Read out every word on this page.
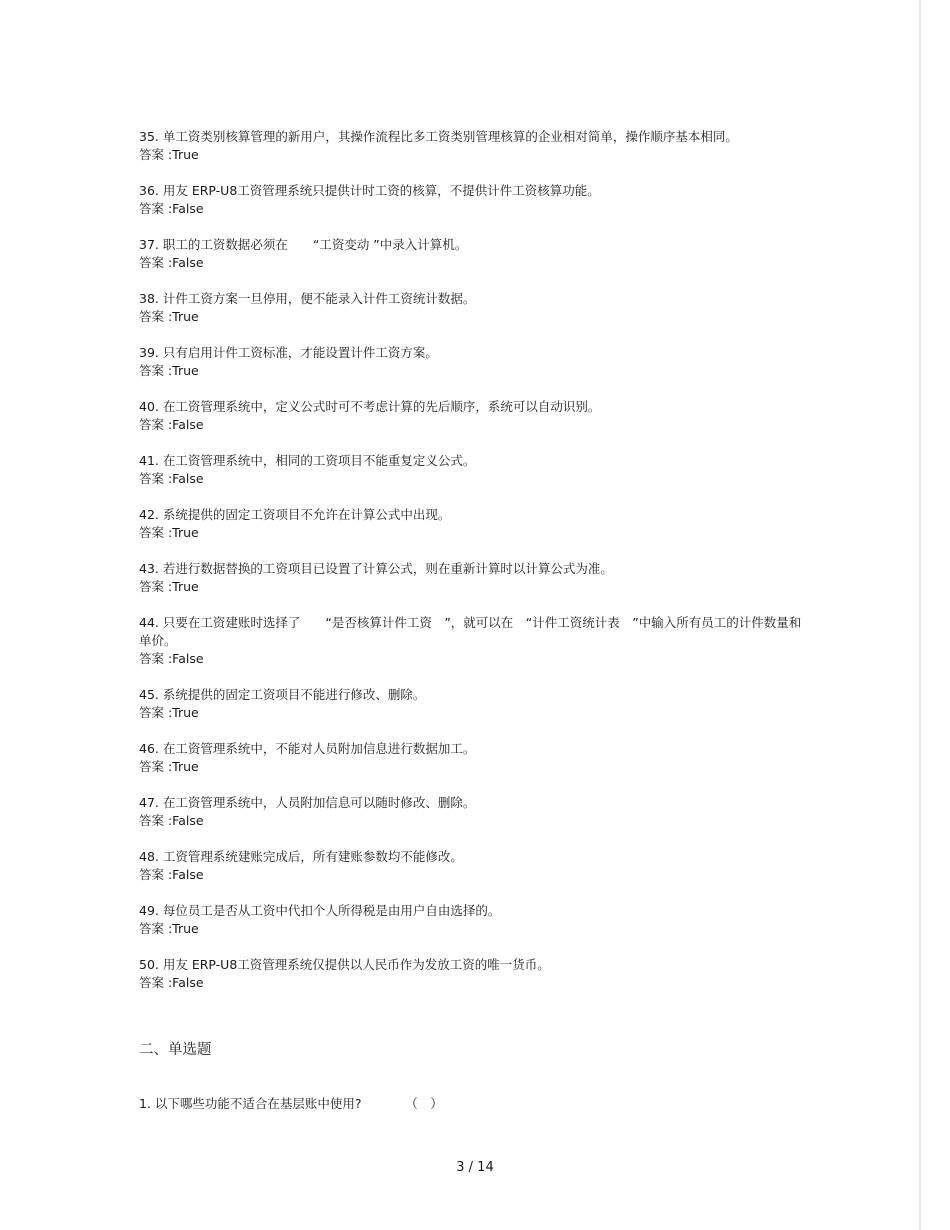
35. 单工资类别核算管理的新用户，其操作流程比多工资类别管理核算的企业相对简单，操作顺序基本相同。
答案 :True
36. 用友 ERP-U8工资管理系统只提供计时工资的核算，不提供计件工资核算功能。
答案 :False
37. 职工的工资数据必须在　　“工资变动 ”中录入计算机。
答案 :False
38. 计件工资方案一旦停用，便不能录入计件工资统计数据。
答案 :True
39. 只有启用计件工资标准，才能设置计件工资方案。
答案 :True
40. 在工资管理系统中，定义公式时可不考虑计算的先后顺序，系统可以自动识别。
答案 :False
41. 在工资管理系统中，相同的工资项目不能重复定义公式。
答案 :False
42. 系统提供的固定工资项目不允许在计算公式中出现。
答案 :True
43. 若进行数据替换的工资项目已设置了计算公式，则在重新计算时以计算公式为准。
答案 :True
44. 只要在工资建账时选择了　　“是否核算计件工资　”，就可以在　“计件工资统计表　”中输入所有员工的计件数量和单价。
答案 :False
45. 系统提供的固定工资项目不能进行修改、删除。
答案 :True
46. 在工资管理系统中，不能对人员附加信息进行数据加工。
答案 :True
47. 在工资管理系统中，人员附加信息可以随时修改、删除。
答案 :False
48. 工资管理系统建账完成后，所有建账参数均不能修改。
答案 :False
49. 每位员工是否从工资中代扣个人所得税是由用户自由选择的。
答案 :True
50. 用友 ERP-U8工资管理系统仅提供以人民币作为发放工资的唯一货币。
答案 :False
二、单选题
1. 以下哪些功能不适合在基层账中使用?　　　　（　）
3 / 14
